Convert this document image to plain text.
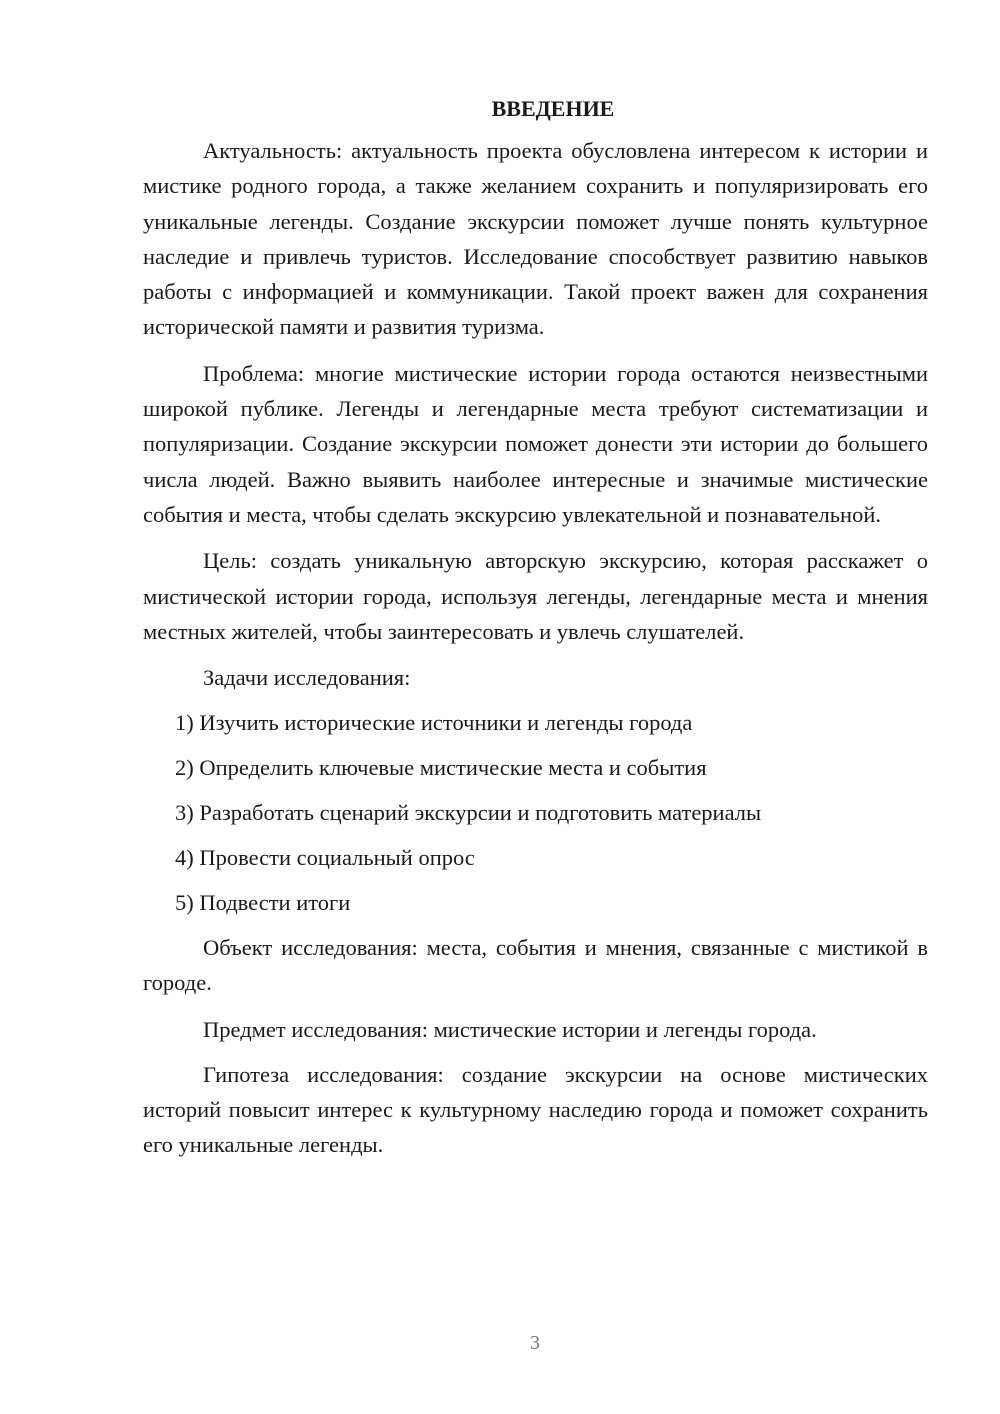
ВВЕДЕНИЕ

Актуальность: актуальность проекта обусловлена интересом к истории и мистике родного города, а также желанием сохранить и популяризировать его уникальные легенды. Создание экскурсии поможет лучше понять культурное наследие и привлечь туристов. Исследование способствует развитию навыков работы с информацией и коммуникации. Такой проект важен для сохранения исторической памяти и развития туризма.

Проблема: многие мистические истории города остаются неизвестными широкой публике. Легенды и легендарные места требуют систематизации и популяризации. Создание экскурсии поможет донести эти истории до большего числа людей. Важно выявить наиболее интересные и значимые мистические события и места, чтобы сделать экскурсию увлекательной и познавательной.

Цель: создать уникальную авторскую экскурсию, которая расскажет о мистической истории города, используя легенды, легендарные места и мнения местных жителей, чтобы заинтересовать и увлечь слушателей.

Задачи исследования:

1) Изучить исторические источники и легенды города
2) Определить ключевые мистические места и события
3) Разработать сценарий экскурсии и подготовить материалы
4) Провести социальный опрос
5) Подвести итоги

Объект исследования: места, события и мнения, связанные с мистикой в городе.

Предмет исследования: мистические истории и легенды города.

Гипотеза исследования: создание экскурсии на основе мистических историй повысит интерес к культурному наследию города и поможет сохранить его уникальные легенды.

3
